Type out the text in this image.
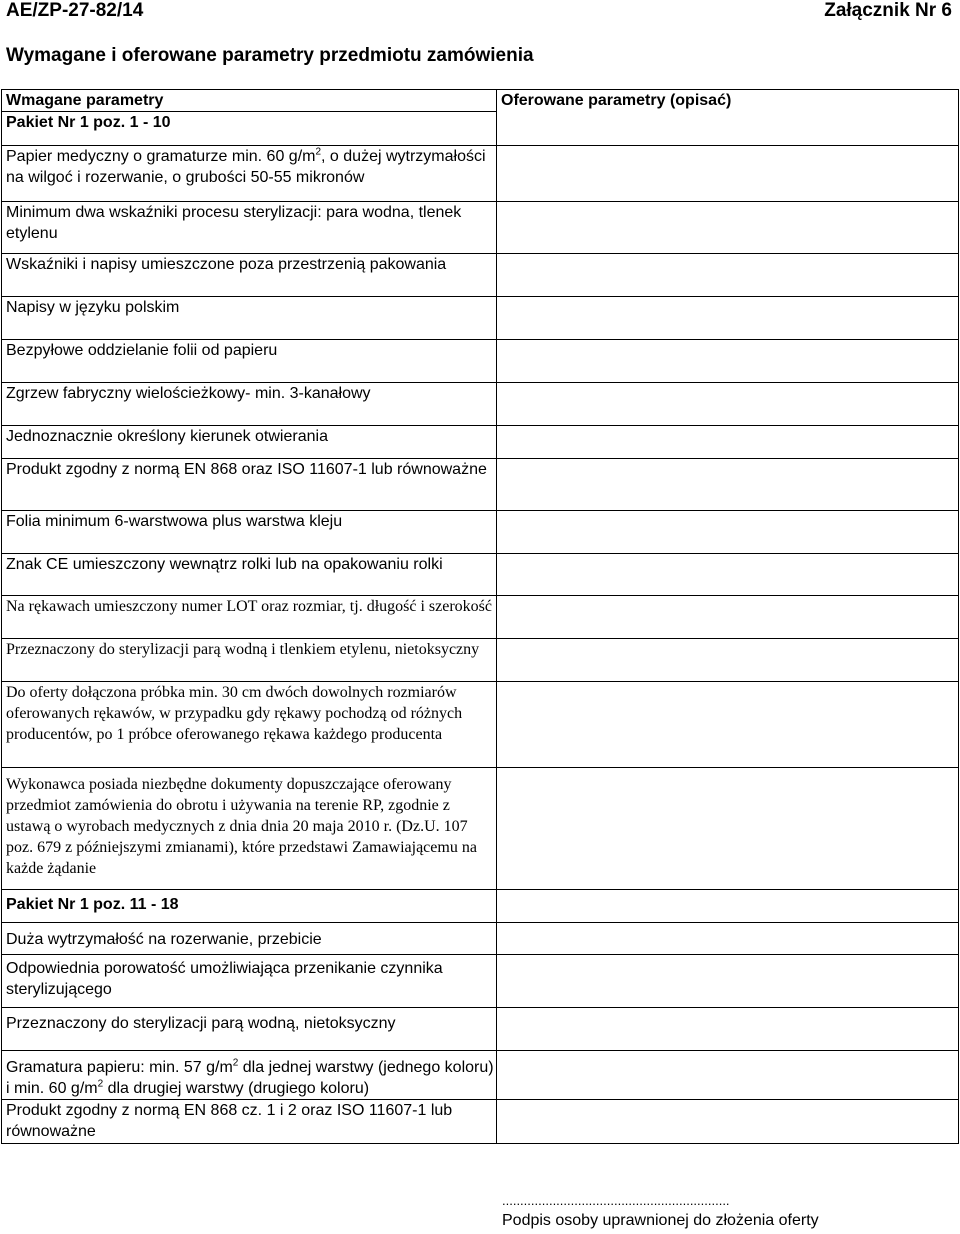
AE/ZP-27-82/14	Załącznik Nr 6
Wymagane i oferowane parametry przedmiotu zamówienia
Wmagane parametry	Oferowane parametry (opisać)
Pakiet Nr 1 poz. 1 - 10	
Papier medyczny o gramaturze min. 60 $g/m^2$, o dużej wytrzymałości na wilgoć i rozerwanie, o grubości 50-55 mikronów	
Minimum dwa wskaźniki procesu sterylizacji: para wodna, tlenek etylenu	
Wskaźniki i napisy umieszczone poza przestrzenią pakowania	
Napisy w języku polskim	
Bezpyłowe oddzielanie folii od papieru	
Zgrzew fabryczny wielościeżkowy- min. 3-kanałowy	
Jednoznacznie określony kierunek otwierania	
Produkt zgodny z normą EN 868 oraz ISO 11607-1 lub równoważne	
Folia minimum 6-warstwowa plus warstwa kleju	
Znak CE umieszczony wewnątrz rolki lub na opakowaniu rolki	
Na rękawach umieszczony numer LOT oraz rozmiar, tj. długość i szerokość	
Przeznaczony do sterylizacji parą wodną i tlenkiem etylenu, nietoksyczny	
Do oferty dołączona próbka min. 30 cm dwóch dowolnych rozmiarów oferowanych rękawów, w przypadku gdy rękawy pochodzą od różnych producentów, po 1 próbce oferowanego rękawa każdego producenta	
Wykonawca posiada niezbędne dokumenty dopuszczające oferowany przedmiot zamówienia do obrotu i używania na terenie RP, zgodnie z ustawą o wyrobach medycznych z dnia dnia 20 maja 2010 r. (Dz.U. 107 poz. 679 z późniejszymi zmianami), które przedstawi Zamawiającemu na każde żądanie	
Pakiet Nr 1 poz. 11 - 18	
Duża wytrzymałość na rozerwanie, przebicie	
Odpowiednia porowatość umożliwiająca przenikanie czynnika sterylizującego	
Przeznaczony do sterylizacji parą wodną, nietoksyczny	
Gramatura papieru: min. 57 $g/m^2$ dla jednej warstwy (jednego koloru) i min. 60 $g/m^2$ dla drugiej warstwy (drugiego koloru)	
Produkt zgodny z normą EN 868 cz. 1 i 2 oraz ISO 11607-1 lub równoważne	
...............................................................
Podpis osoby uprawnionej do złożenia oferty
